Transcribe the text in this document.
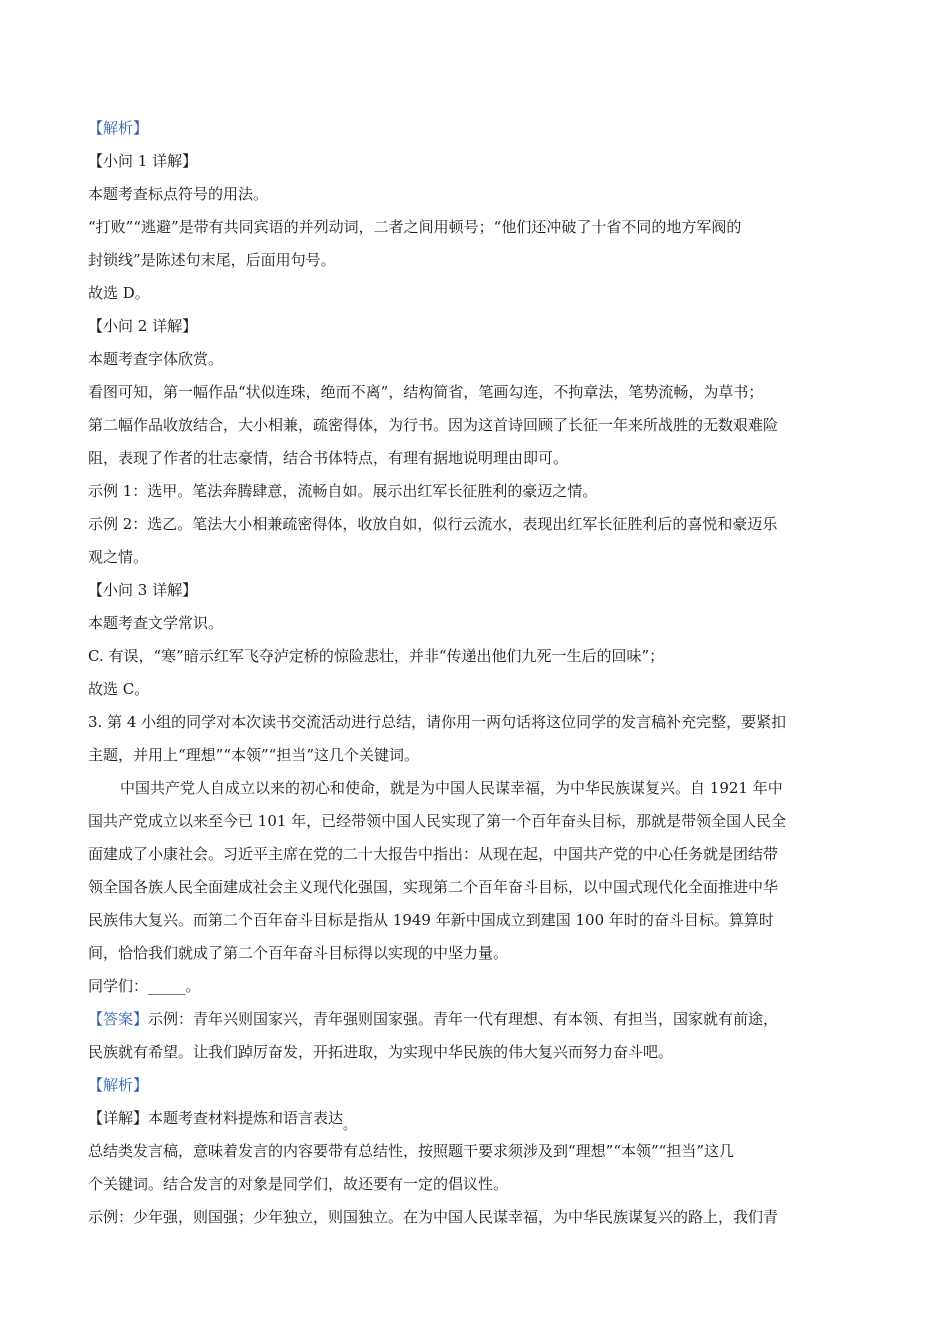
【解析】
【小问 1 详解】
本题考查标点符号的用法。
“打败”“逃避”是带有共同宾语的并列动词，二者之间用顿号；“他们还冲破了十省不同的地方军阀的
封锁线”是陈述句末尾，后面用句号。
故选 D。
【小问 2 详解】
本题考查字体欣赏。
看图可知，第一幅作品“状似连珠，绝而不离”，结构简省，笔画勾连，不拘章法，笔势流畅，为草书；
第二幅作品收放结合，大小相兼，疏密得体，为行书。因为这首诗回顾了长征一年来所战胜的无数艰难险
阻，表现了作者的壮志豪情，结合书体特点，有理有据地说明理由即可。
示例 1：选甲。笔法奔腾肆意，流畅自如。展示出红军长征胜利的豪迈之情。
示例 2：选乙。笔法大小相兼疏密得体，收放自如，似行云流水，表现出红军长征胜利后的喜悦和豪迈乐
观之情。
【小问 3 详解】
本题考查文学常识。
C. 有误，“寒”暗示红军飞夺泸定桥的惊险悲壮，并非“传递出他们九死一生后的回味”；
故选 C。
3. 第 4 小组的同学对本次读书交流活动进行总结，请你用一两句话将这位同学的发言稿补充完整，要紧扣
主题，并用上“理想”“本领”“担当”这几个关键词。
中国共产党人自成立以来的初心和使命，就是为中国人民谋幸福，为中华民族谋复兴。自 1921 年中
国共产党成立以来至今已 101 年，已经带领中国人民实现了第一个百年奋头目标，那就是带领全国人民全
面建成了小康社会。习近平主席在党的二十大报告中指出：从现在起，中国共产党的中心任务就是团结带
领全国各族人民全面建成社会主义现代化强国，实现第二个百年奋斗目标，以中国式现代化全面推进中华
民族伟大复兴。而第二个百年奋斗目标是指从 1949 年新中国成立到建国 100 年时的奋斗目标。算算时
间，恰恰我们就成了第二个百年奋斗目标得以实现的中坚力量。
同学们：_____。
【答案】示例：青年兴则国家兴，青年强则国家强。青年一代有理想、有本领、有担当，国家就有前途，
民族就有希望。让我们踔厉奋发，开拓进取，为实现中华民族的伟大复兴而努力奋斗吧。
【解析】
【详解】本题考查材料提炼和语言表达。
总结类发言稿，意味着发言的内容要带有总结性，按照题干要求须涉及到“理想”“本领”“担当”这几
个关键词。结合发言的对象是同学们，故还要有一定的倡议性。
示例：少年强，则国强；少年独立，则国独立。在为中国人民谋幸福，为中华民族谋复兴的路上，我们青
